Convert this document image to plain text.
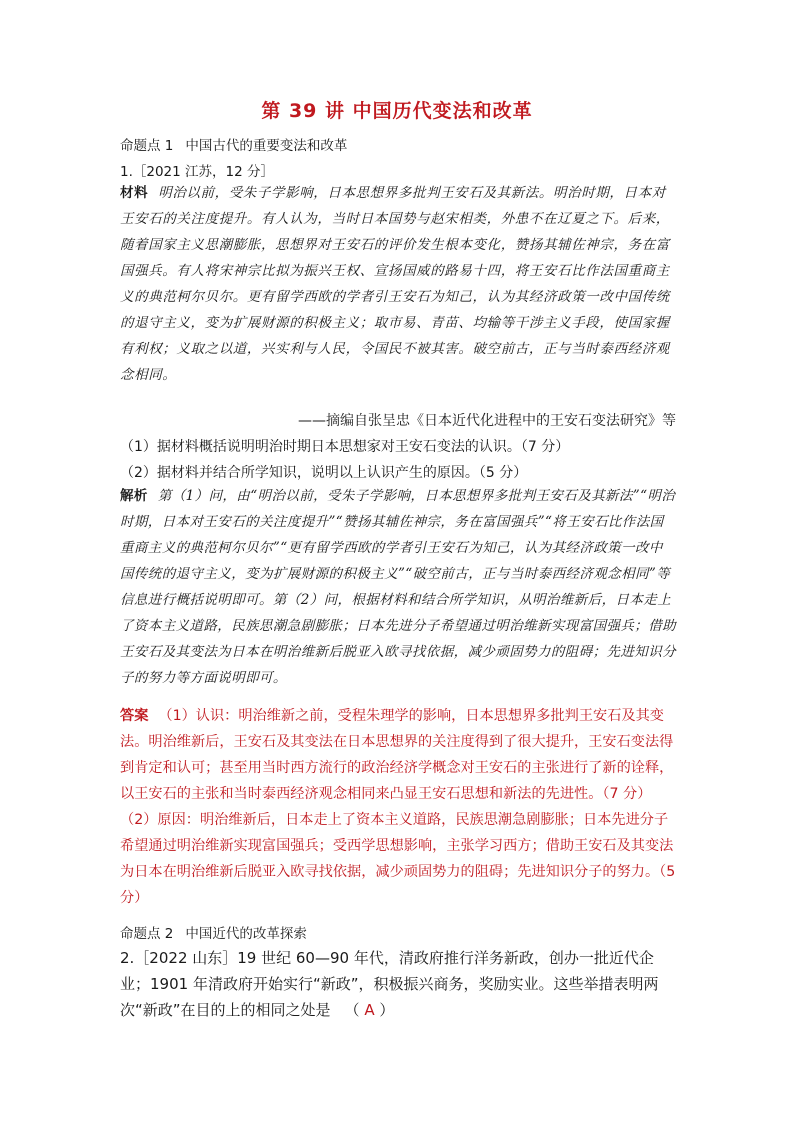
第 39 讲 中国历代变法和改革
命题点 1 中国古代的重要变法和改革
1.［2021 江苏，12 分］
材料 明治以前，受朱子学影响，日本思想界多批判王安石及其新法。明治时期，日本对王安石的关注度提升。有人认为，当时日本国势与赵宋相类，外患不在辽夏之下。后来，随着国家主义思潮膨胀，思想界对王安石的评价发生根本变化，赞扬其辅佐神宗，务在富国强兵。有人将宋神宗比拟为振兴王权、宣扬国威的路易十四，将王安石比作法国重商主义的典范柯尔贝尔。更有留学西欧的学者引王安石为知己，认为其经济政策一改中国传统的退守主义，变为扩展财源的积极主义；取市易、青苗、均输等干涉主义手段，使国家握有利权；义取之以道，兴实利与人民，令国民不被其害。破空前古，正与当时泰西经济观念相同。
——摘编自张呈忠《日本近代化进程中的王安石变法研究》等
（1）据材料概括说明明治时期日本思想家对王安石变法的认识。（7 分）
（2）据材料并结合所学知识，说明以上认识产生的原因。（5 分）
解析 第（1）问，由“明治以前，受朱子学影响，日本思想界多批判王安石及其新法”“明治时期，日本对王安石的关注度提升”“赞扬其辅佐神宗，务在富国强兵”“将王安石比作法国重商主义的典范柯尔贝尔”“更有留学西欧的学者引王安石为知己，认为其经济政策一改中国传统的退守主义，变为扩展财源的积极主义”“破空前古，正与当时泰西经济观念相同”等信息进行概括说明即可。第（2）问，根据材料和结合所学知识，从明治维新后，日本走上了资本主义道路，民族思潮急剧膨胀；日本先进分子希望通过明治维新实现富国强兵；借助王安石及其变法为日本在明治维新后脱亚入欧寻找依据，减少顽固势力的阻碍；先进知识分子的努力等方面说明即可。
答案 （1）认识：明治维新之前，受程朱理学的影响，日本思想界多批判王安石及其变法。明治维新后，王安石及其变法在日本思想界的关注度得到了很大提升，王安石变法得到肯定和认可；甚至用当时西方流行的政治经济学概念对王安石的主张进行了新的诠释，以王安石的主张和当时泰西经济观念相同来凸显王安石思想和新法的先进性。（7 分）
（2）原因：明治维新后，日本走上了资本主义道路，民族思潮急剧膨胀；日本先进分子希望通过明治维新实现富国强兵；受西学思想影响，主张学习西方；借助王安石及其变法为日本在明治维新后脱亚入欧寻找依据，减少顽固势力的阻碍；先进知识分子的努力。（5 分）
命题点 2 中国近代的改革探索
2.［2022 山东］19 世纪 60—90 年代，清政府推行洋务新政，创办一批近代企业；1901 年清政府开始实行“新政”，积极振兴商务，奖励实业。这些举措表明两次“新政”在目的上的相同之处是 （ A ）
